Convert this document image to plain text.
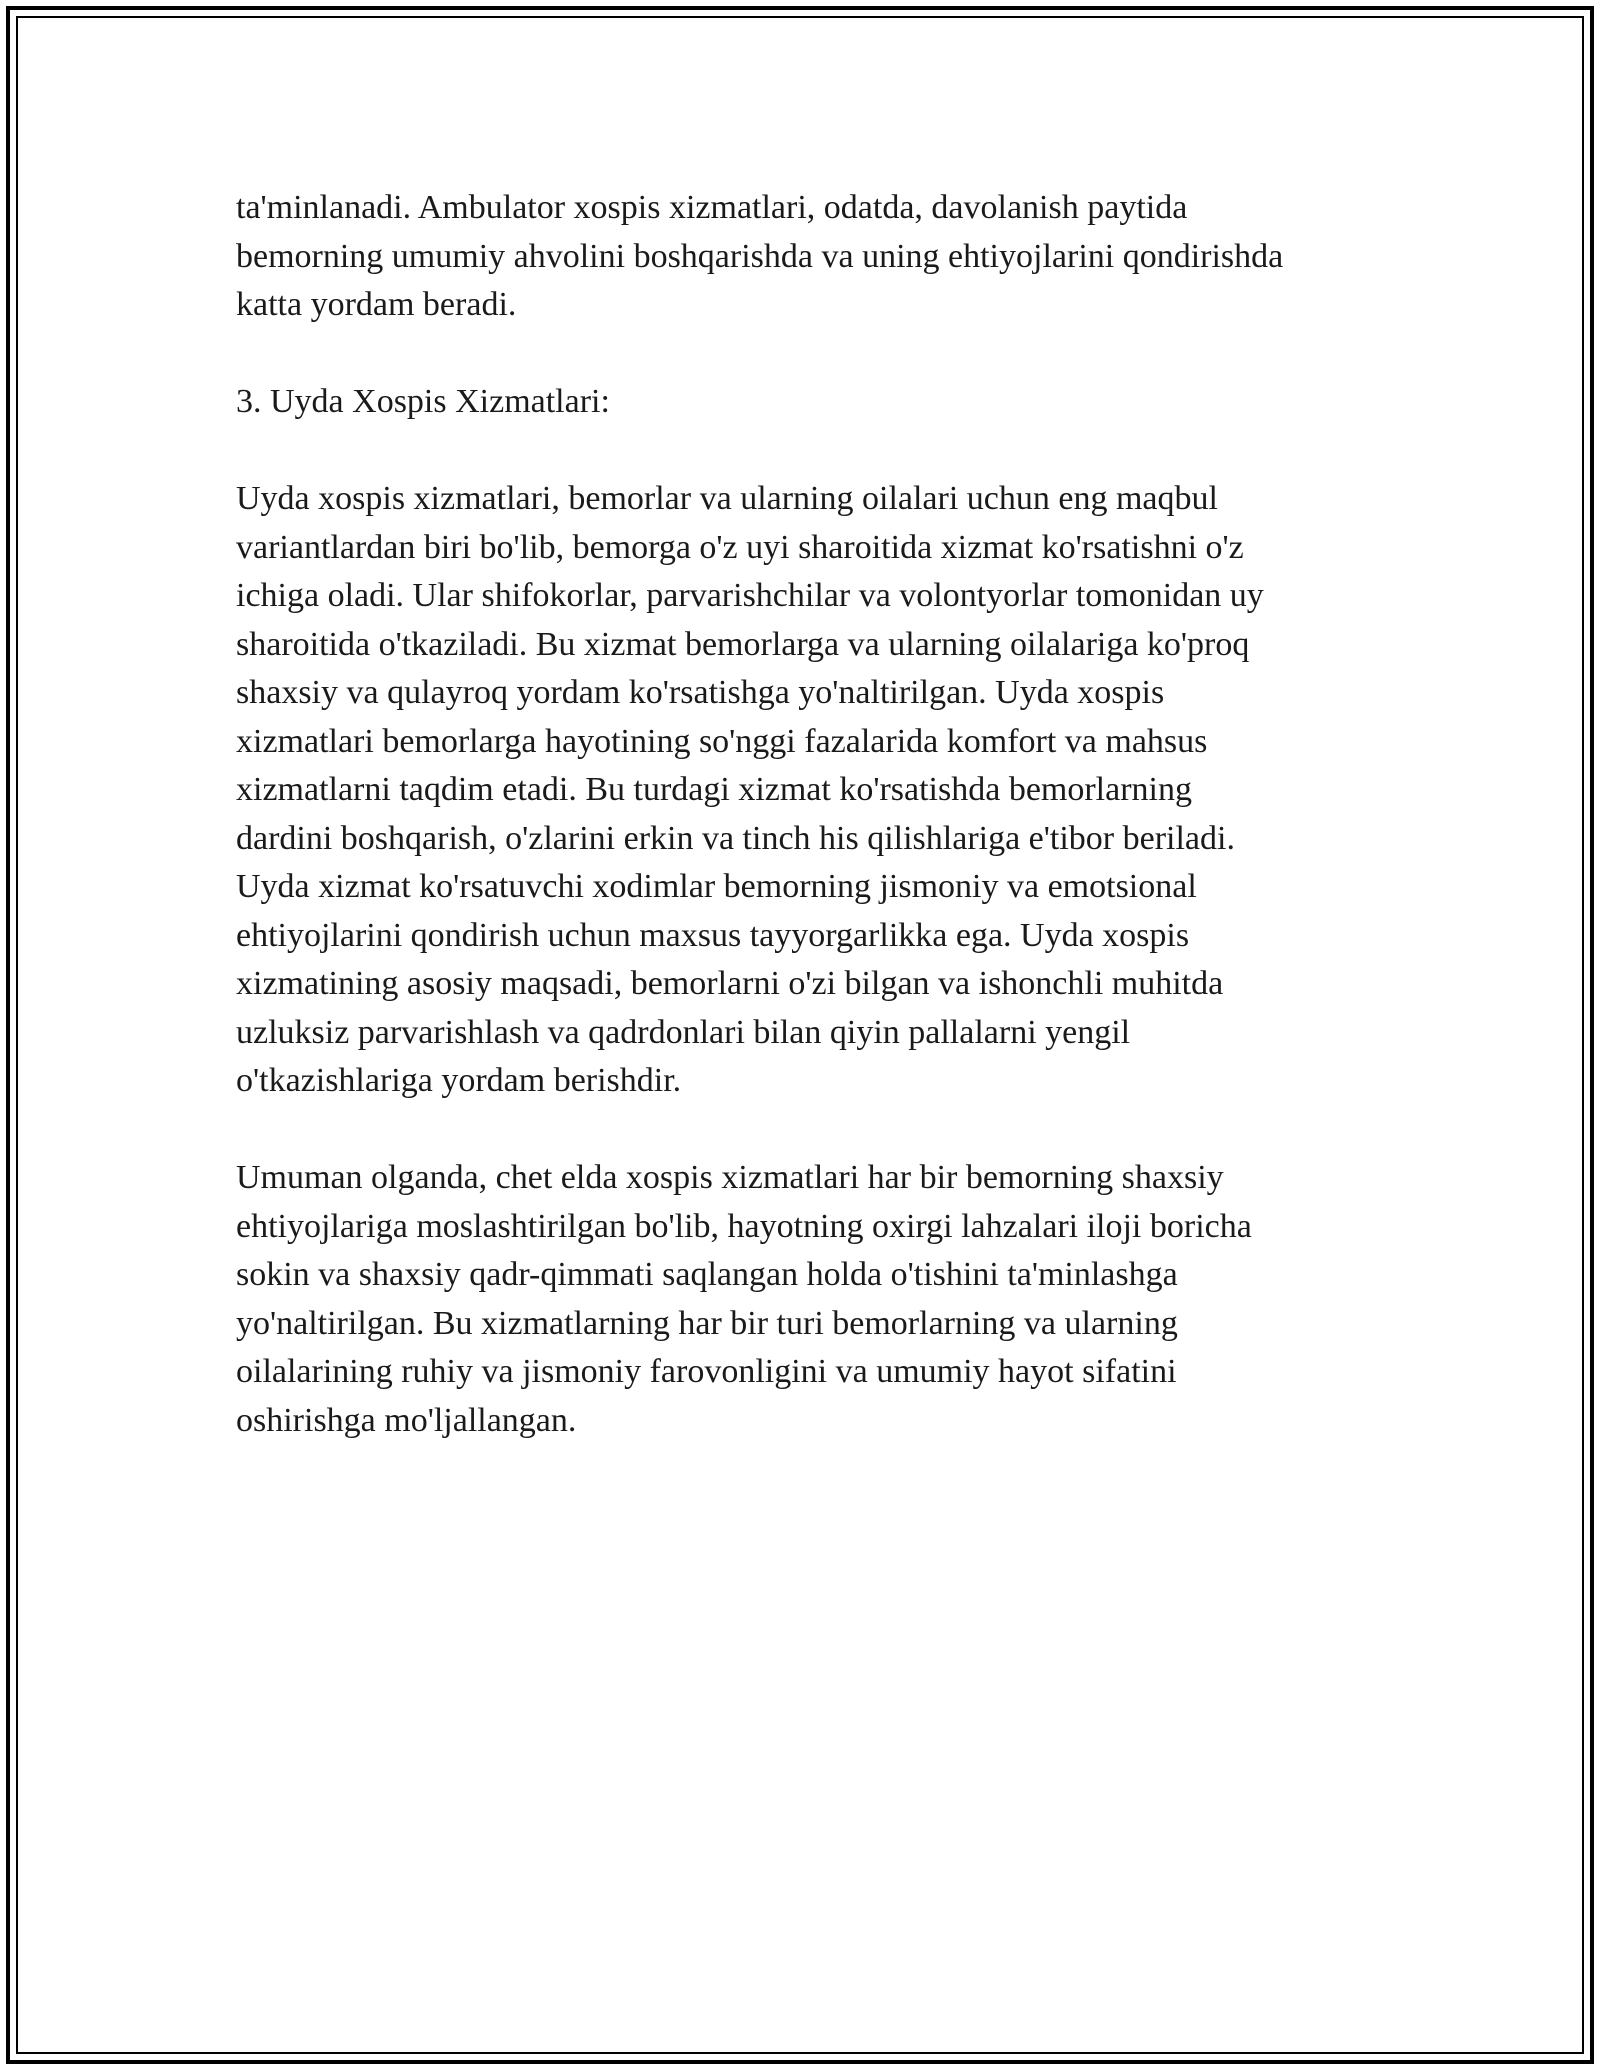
ta'minlanadi. Ambulator xospis xizmatlari, odatda, davolanish paytida
bemorning umumiy ahvolini boshqarishda va uning ehtiyojlarini qondirishda
katta yordam beradi.
3. Uyda Xospis Xizmatlari:
Uyda xospis xizmatlari, bemorlar va ularning oilalari uchun eng maqbul
variantlardan biri bo'lib, bemorga o'z uyi sharoitida xizmat ko'rsatishni o'z
ichiga oladi. Ular shifokorlar, parvarishchilar va volontyorlar tomonidan uy
sharoitida o'tkaziladi. Bu xizmat bemorlarga va ularning oilalariga ko'proq
shaxsiy va qulayroq yordam ko'rsatishga yo'naltirilgan. Uyda xospis
xizmatlari bemorlarga hayotining so'nggi fazalarida komfort va mahsus
xizmatlarni taqdim etadi. Bu turdagi xizmat ko'rsatishda bemorlarning
dardini boshqarish, o'zlarini erkin va tinch his qilishlariga e'tibor beriladi.
Uyda xizmat ko'rsatuvchi xodimlar bemorning jismoniy va emotsional
ehtiyojlarini qondirish uchun maxsus tayyorgarlikka ega. Uyda xospis
xizmatining asosiy maqsadi, bemorlarni o'zi bilgan va ishonchli muhitda
uzluksiz parvarishlash va qadrdonlari bilan qiyin pallalarni yengil
o'tkazishlariga yordam berishdir.
Umuman olganda, chet elda xospis xizmatlari har bir bemorning shaxsiy
ehtiyojlariga moslashtirilgan bo'lib, hayotning oxirgi lahzalari iloji boricha
sokin va shaxsiy qadr-qimmati saqlangan holda o'tishini ta'minlashga
yo'naltirilgan. Bu xizmatlarning har bir turi bemorlarning va ularning
oilalarining ruhiy va jismoniy farovonligini va umumiy hayot sifatini
oshirishga mo'ljallangan.
